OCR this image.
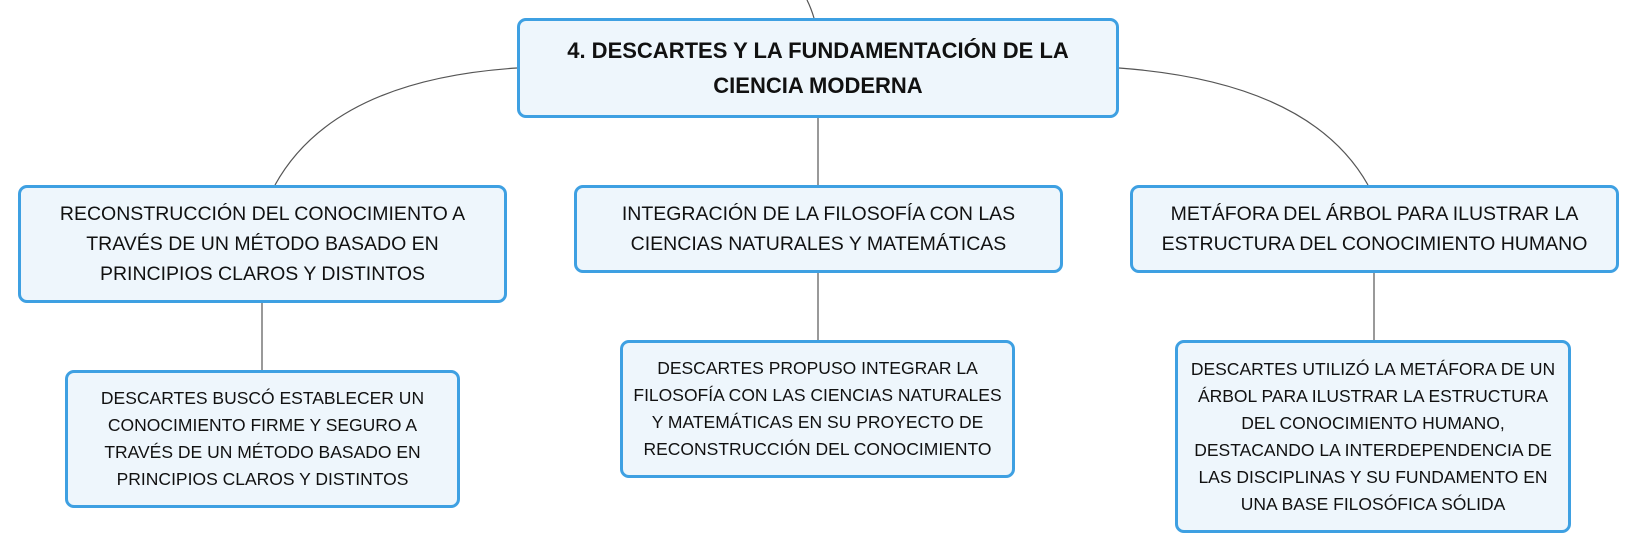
4. DESCARTES Y LA FUNDAMENTACIÓN DE LA CIENCIA MODERNA
RECONSTRUCCIÓN DEL CONOCIMIENTO A TRAVÉS DE UN MÉTODO BASADO EN PRINCIPIOS CLAROS Y DISTINTOS
INTEGRACIÓN DE LA FILOSOFÍA CON LAS CIENCIAS NATURALES Y MATEMÁTICAS
METÁFORA DEL ÁRBOL PARA ILUSTRAR LA ESTRUCTURA DEL CONOCIMIENTO HUMANO
DESCARTES BUSCÓ ESTABLECER UN CONOCIMIENTO FIRME Y SEGURO A TRAVÉS DE UN MÉTODO BASADO EN PRINCIPIOS CLAROS Y DISTINTOS
DESCARTES PROPUSO INTEGRAR LA FILOSOFÍA CON LAS CIENCIAS NATURALES Y MATEMÁTICAS EN SU PROYECTO DE RECONSTRUCCIÓN DEL CONOCIMIENTO
DESCARTES UTILIZÓ LA METÁFORA DE UN ÁRBOL PARA ILUSTRAR LA ESTRUCTURA DEL CONOCIMIENTO HUMANO, DESTACANDO LA INTERDEPENDENCIA DE LAS DISCIPLINAS Y SU FUNDAMENTO EN UNA BASE FILOSÓFICA SÓLIDA
